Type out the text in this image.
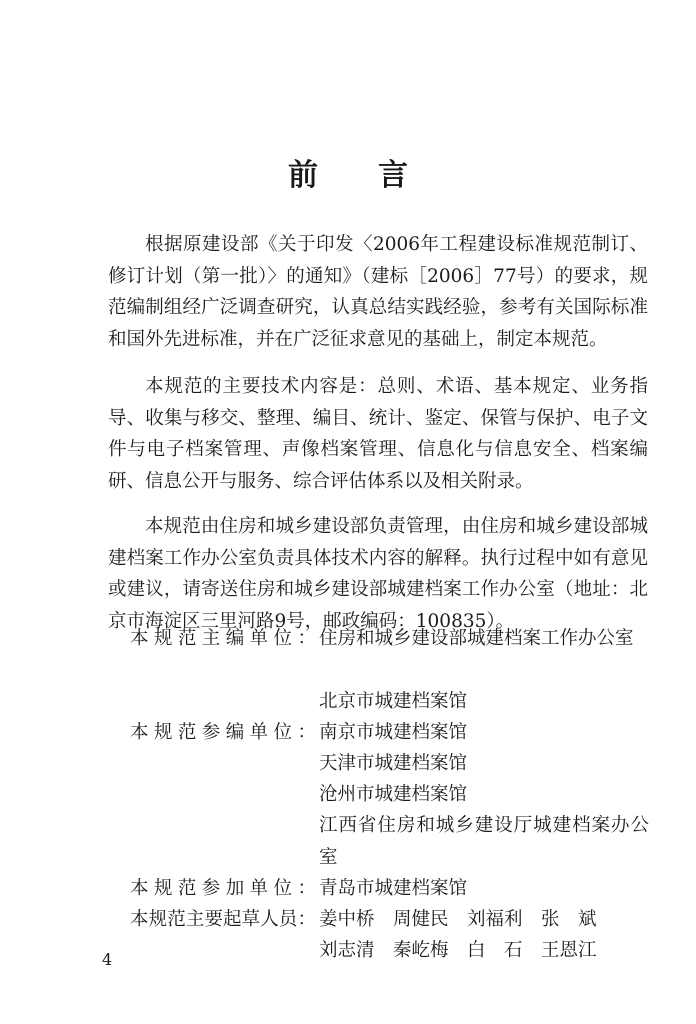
前 言

根据原建设部《关于印发〈2006年工程建设标准规范制订、修订计划（第一批）〉的通知》（建标［2006］77号）的要求，规范编制组经广泛调查研究，认真总结实践经验，参考有关国际标准和国外先进标准，并在广泛征求意见的基础上，制定本规范。

本规范的主要技术内容是：总则、术语、基本规定、业务指导、收集与移交、整理、编目、统计、鉴定、保管与保护、电子文件与电子档案管理、声像档案管理、信息化与信息安全、档案编研、信息公开与服务、综合评估体系以及相关附录。

本规范由住房和城乡建设部负责管理，由住房和城乡建设部城建档案工作办公室负责具体技术内容的解释。执行过程中如有意见或建议，请寄送住房和城乡建设部城建档案工作办公室（地址：北京市海淀区三里河路9号，邮政编码：100835）。

本规范主编单位： 住房和城乡建设部城建档案工作办公室
北京市城建档案馆
本规范参编单位： 南京市城建档案馆
天津市城建档案馆
沧州市城建档案馆
江西省住房和城乡建设厅城建档案办公室
本规范参加单位： 青岛市城建档案馆
本规范主要起草人员： 姜中桥　周健民　刘福利　张　斌
刘志清　秦屹梅　白　石　王恩江
4
